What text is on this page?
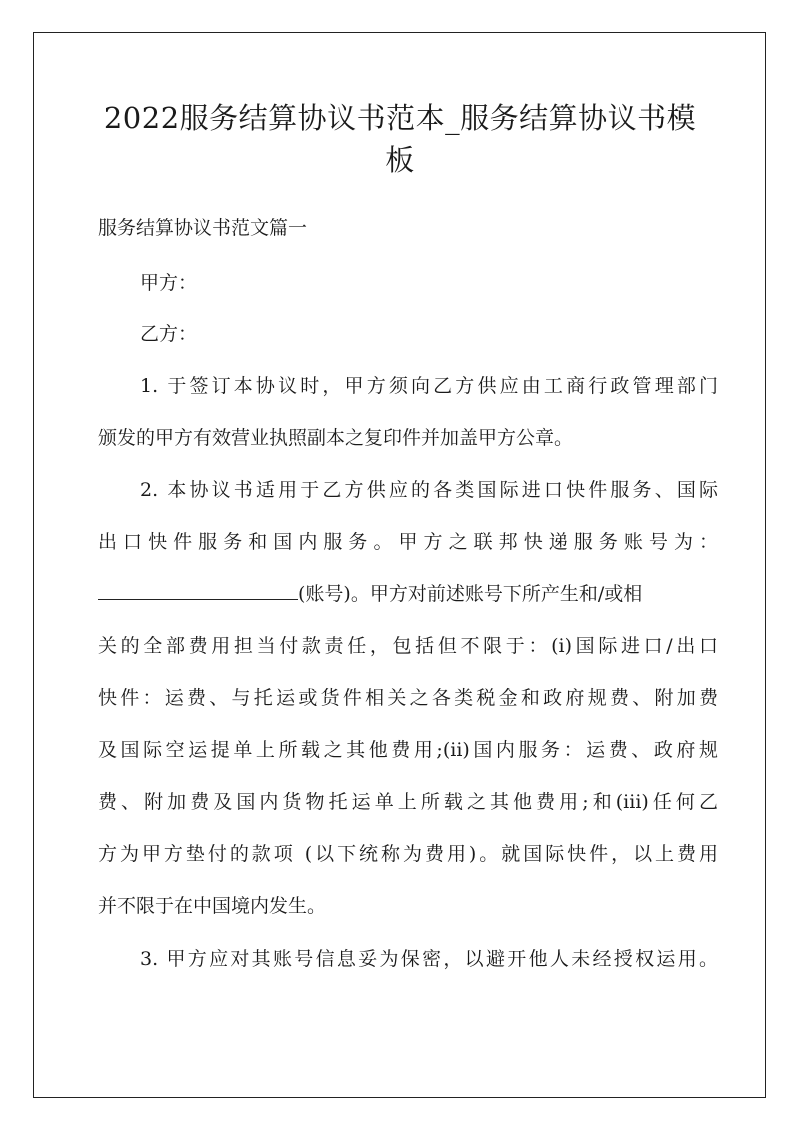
2022服务结算协议书范本_服务结算协议书模
板
服务结算协议书范文篇一
甲方：
乙方：
1. 于签订本协议时，甲方须向乙方供应由工商行政管理部门
颁发的甲方有效营业执照副本之复印件并加盖甲方公章。
2. 本协议书适用于乙方供应的各类国际进口快件服务、国际
出口快件服务和国内服务。甲方之联邦快递服务账号为：
(账号)。甲方对前述账号下所产生和/或相
关的全部费用担当付款责任，包括但不限于：(i)国际进口/出口
快件：运费、与托运或货件相关之各类税金和政府规费、附加费
及国际空运提单上所载之其他费用;(ii)国内服务：运费、政府规
费、附加费及国内货物托运单上所载之其他费用;和(iii)任何乙
方为甲方垫付的款项 (以下统称为费用)。就国际快件，以上费用
并不限于在中国境内发生。
3. 甲方应对其账号信息妥为保密，以避开他人未经授权运用。
